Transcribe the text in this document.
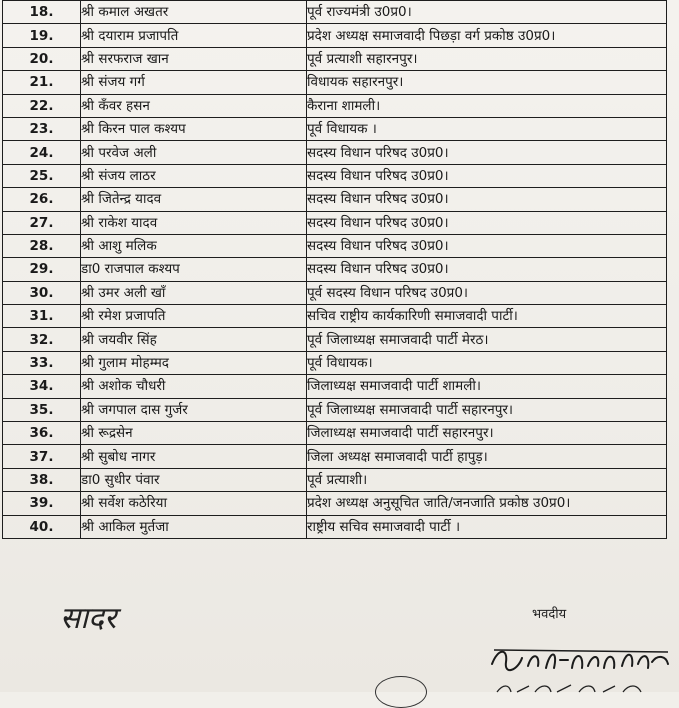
18.	श्री कमाल अखतर	पूर्व राज्यमंत्री उ0प्र0।
19.	श्री दयाराम प्रजापति	प्रदेश अध्यक्ष समाजवादी पिछड़ा वर्ग प्रकोष्ठ उ0प्र0।
20.	श्री सरफराज खान	पूर्व प्रत्याशी सहारनपुर।
21.	श्री संजय गर्ग	विधायक सहारनपुर।
22.	श्री कँवर हसन	कैराना शामली।
23.	श्री किरन पाल कश्यप	पूर्व विधायक ।
24.	श्री परवेज अली	सदस्य विधान परिषद उ0प्र0।
25.	श्री संजय लाठर	सदस्य विधान परिषद उ0प्र0।
26.	श्री जितेन्द्र यादव	सदस्य विधान परिषद उ0प्र0।
27.	श्री राकेश यादव	सदस्य विधान परिषद उ0प्र0।
28.	श्री आशु मलिक	सदस्य विधान परिषद उ0प्र0।
29.	डा0 राजपाल कश्यप	सदस्य विधान परिषद उ0प्र0।
30.	श्री उमर अली खाँ	पूर्व सदस्य विधान परिषद उ0प्र0।
31.	श्री रमेश प्रजापति	सचिव राष्ट्रीय कार्यकारिणी समाजवादी पार्टी।
32.	श्री जयवीर सिंह	पूर्व जिलाध्यक्ष समाजवादी पार्टी मेरठ।
33.	श्री गुलाम मोहम्मद	पूर्व विधायक।
34.	श्री अशोक चौधरी	जिलाध्यक्ष समाजवादी पार्टी शामली।
35.	श्री जगपाल दास गुर्जर	पूर्व जिलाध्यक्ष समाजवादी पार्टी सहारनपुर।
36.	श्री रूद्रसेन	जिलाध्यक्ष समाजवादी पार्टी सहारनपुर।
37.	श्री सुबोध नागर	जिला अध्यक्ष समाजवादी पार्टी हापुड़।
38.	डा0 सुधीर पंवार	पूर्व प्रत्याशी।
39.	श्री सर्वेश कठेरिया	प्रदेश अध्यक्ष अनुसूचित जाति/जनजाति प्रकोष्ठ उ0प्र0।
40.	श्री आकिल मुर्तजा	राष्ट्रीय सचिव समाजवादी पार्टी ।
सादर	भवदीय
